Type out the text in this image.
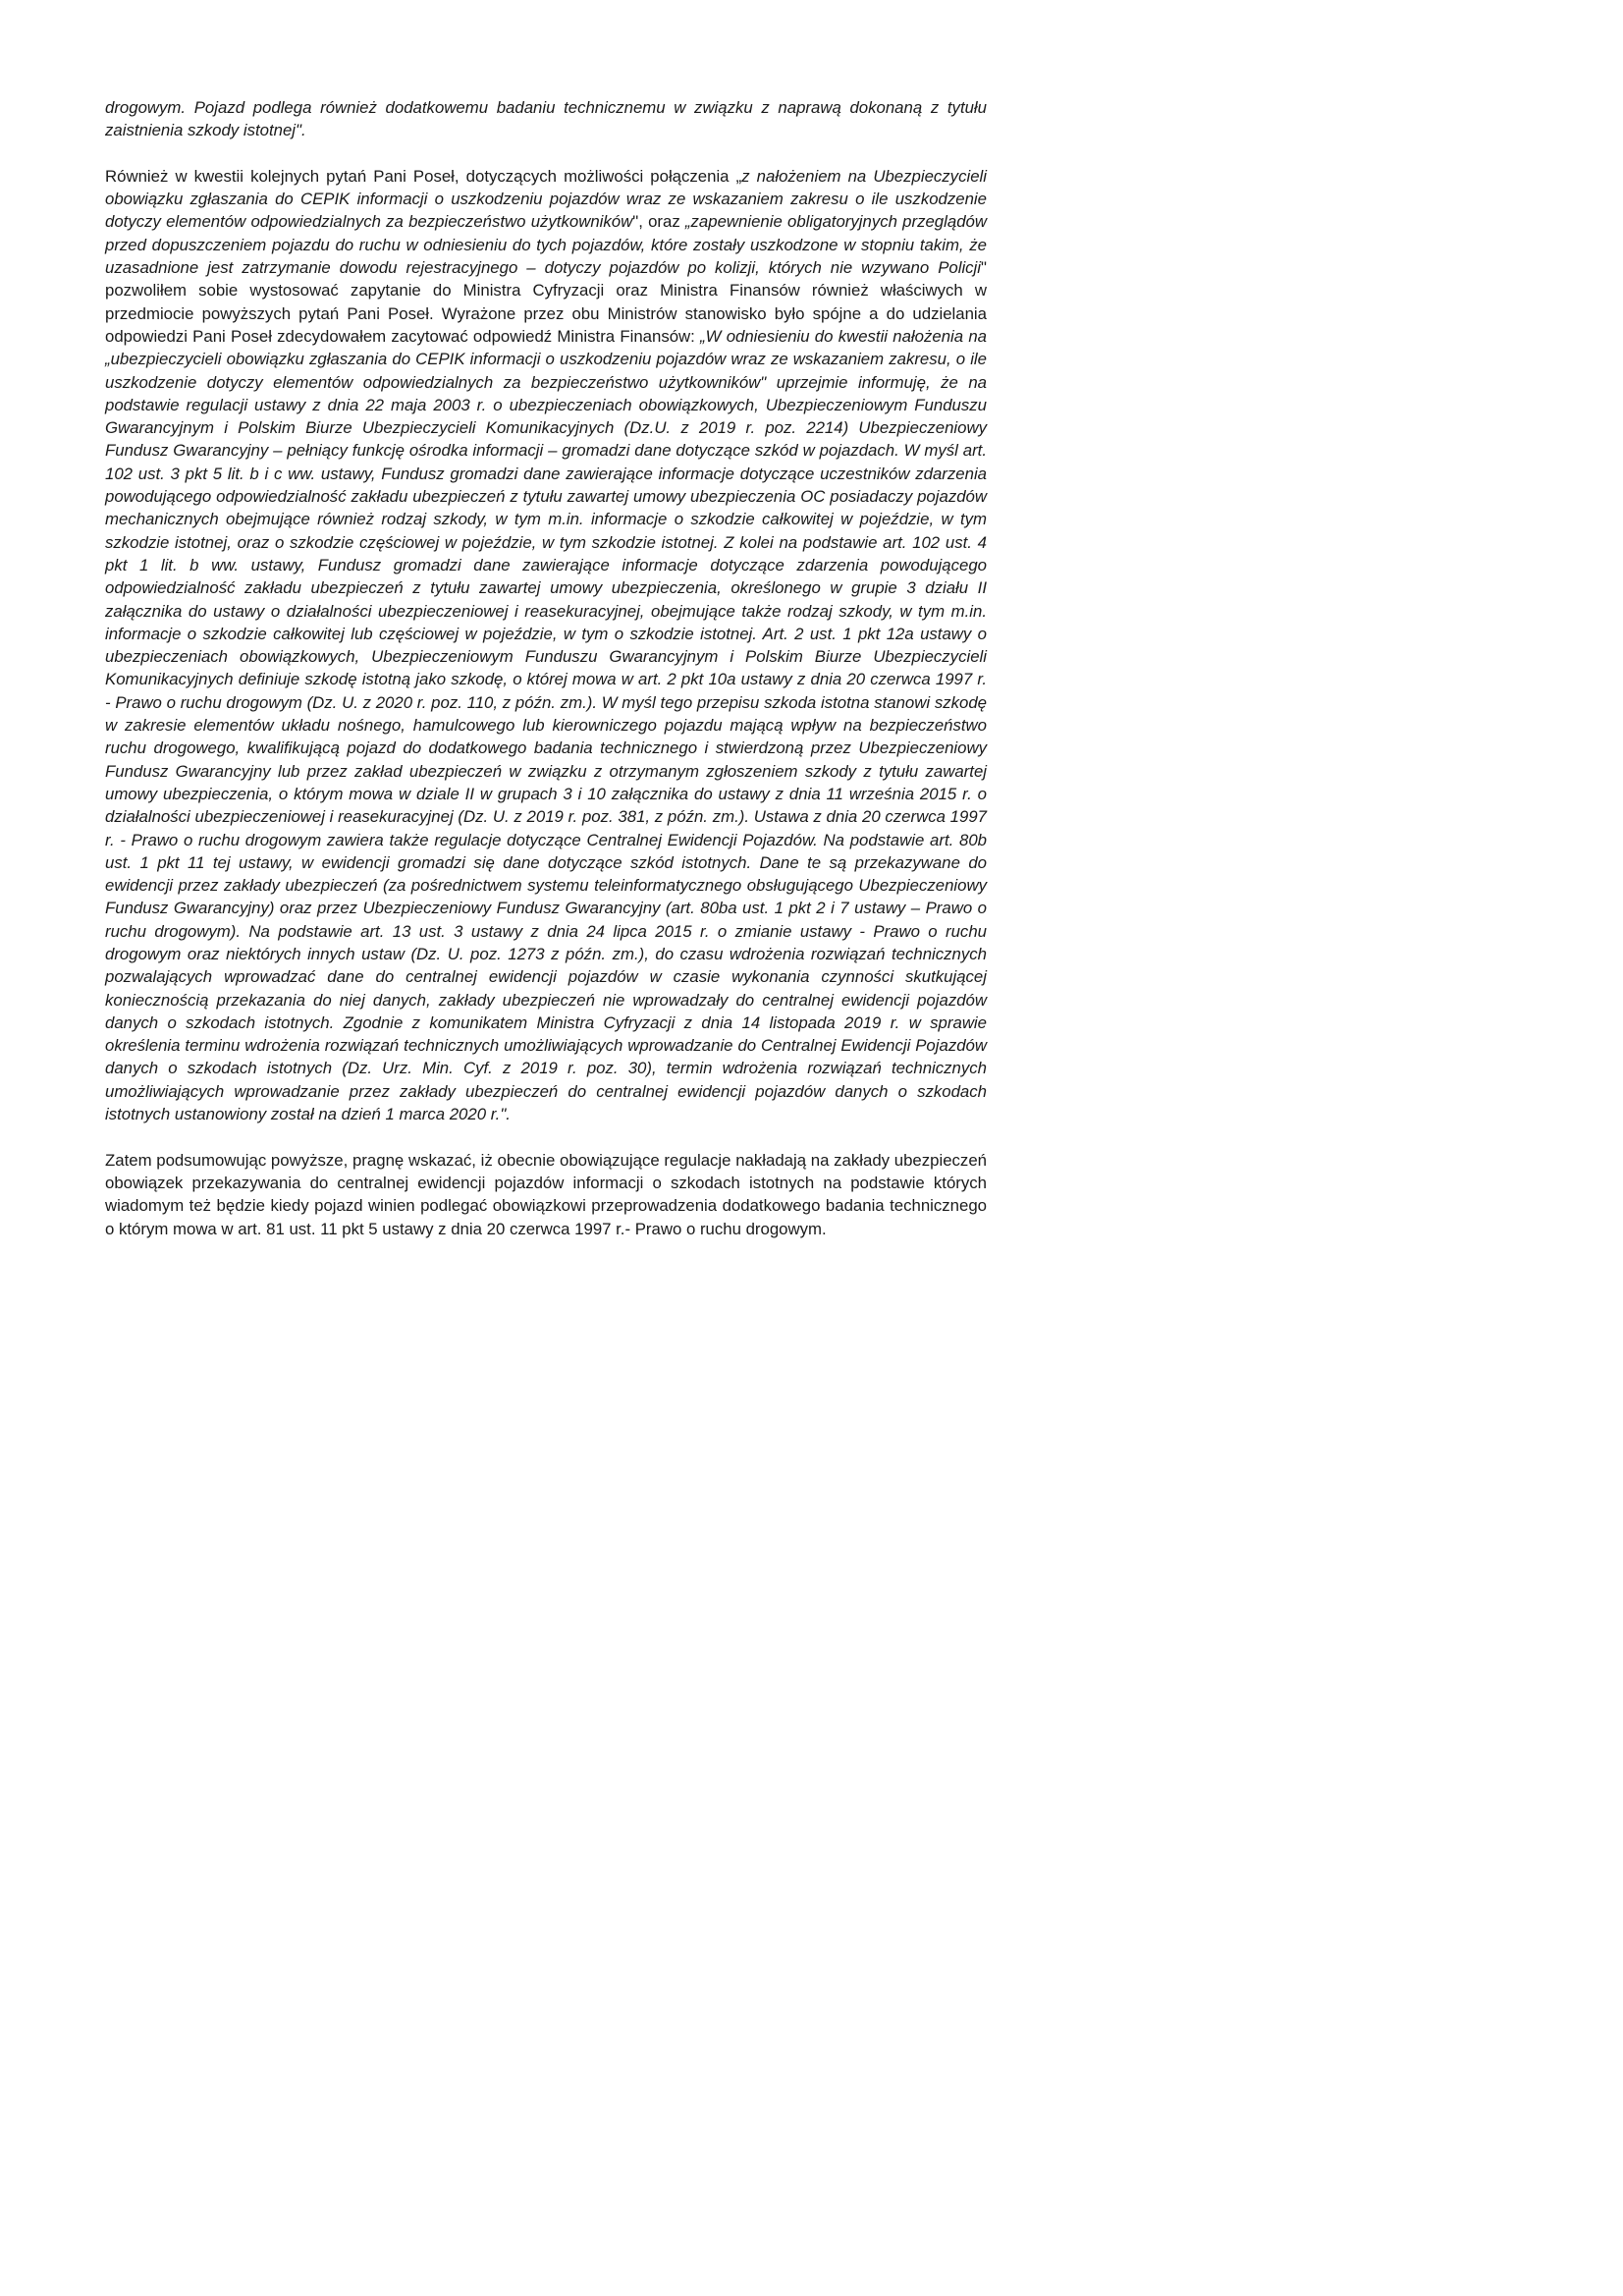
drogowym. Pojazd podlega również dodatkowemu badaniu technicznemu w związku z naprawą dokonaną z tytułu zaistnienia szkody istotnej".

Również w kwestii kolejnych pytań Pani Poseł, dotyczących możliwości połączenia „z nałożeniem na Ubezpieczycieli obowiązku zgłaszania do CEPIK informacji o uszkodzeniu pojazdów wraz ze wskazaniem zakresu o ile uszkodzenie dotyczy elementów odpowiedzialnych za bezpieczeństwo użytkowników", oraz „zapewnienie obligatoryjnych przeglądów przed dopuszczeniem pojazdu do ruchu w odniesieniu do tych pojazdów, które zostały uszkodzone w stopniu takim, że uzasadnione jest zatrzymanie dowodu rejestracyjnego – dotyczy pojazdów po kolizji, których nie wzywano Policji" pozwoliłem sobie wystosować zapytanie do Ministra Cyfryzacji oraz Ministra Finansów również właściwych w przedmiocie powyższych pytań Pani Poseł. Wyrażone przez obu Ministrów stanowisko było spójne a do udzielania odpowiedzi Pani Poseł zdecydowałem zacytować odpowiedź Ministra Finansów: „W odniesieniu do kwestii nałożenia na „ubezpieczycieli obowiązku zgłaszania do CEPIK informacji o uszkodzeniu pojazdów wraz ze wskazaniem zakresu, o ile uszkodzenie dotyczy elementów odpowiedzialnych za bezpieczeństwo użytkowników" uprzejmie informuję, że na podstawie regulacji ustawy z dnia 22 maja 2003 r. o ubezpieczeniach obowiązkowych, Ubezpieczeniowym Funduszu Gwarancyjnym i Polskim Biurze Ubezpieczycieli Komunikacyjnych (Dz.U. z 2019 r. poz. 2214) Ubezpieczeniowy Fundusz Gwarancyjny – pełniący funkcję ośrodka informacji – gromadzi dane dotyczące szkód w pojazdach. W myśl art. 102 ust. 3 pkt 5 lit. b i c ww. ustawy, Fundusz gromadzi dane zawierające informacje dotyczące uczestników zdarzenia powodującego odpowiedzialność zakładu ubezpieczeń z tytułu zawartej umowy ubezpieczenia OC posiadaczy pojazdów mechanicznych obejmujące również rodzaj szkody, w tym m.in. informacje o szkodzie całkowitej w pojeździe, w tym szkodzie istotnej, oraz o szkodzie częściowej w pojeździe, w tym szkodzie istotnej. Z kolei na podstawie art. 102 ust. 4 pkt 1 lit. b ww. ustawy, Fundusz gromadzi dane zawierające informacje dotyczące zdarzenia powodującego odpowiedzialność zakładu ubezpieczeń z tytułu zawartej umowy ubezpieczenia, określonego w grupie 3 działu II załącznika do ustawy o działalności ubezpieczeniowej i reasekuracyjnej, obejmujące także rodzaj szkody, w tym m.in. informacje o szkodzie całkowitej lub częściowej w pojeździe, w tym o szkodzie istotnej. Art. 2 ust. 1 pkt 12a ustawy o ubezpieczeniach obowiązkowych, Ubezpieczeniowym Funduszu Gwarancyjnym i Polskim Biurze Ubezpieczycieli Komunikacyjnych definiuje szkodę istotną jako szkodę, o której mowa w art. 2 pkt 10a ustawy z dnia 20 czerwca 1997 r. - Prawo o ruchu drogowym (Dz. U. z 2020 r. poz. 110, z późn. zm.). W myśl tego przepisu szkoda istotna stanowi szkodę w zakresie elementów układu nośnego, hamulcowego lub kierowniczego pojazdu mającą wpływ na bezpieczeństwo ruchu drogowego, kwalifikującą pojazd do dodatkowego badania technicznego i stwierdzoną przez Ubezpieczeniowy Fundusz Gwarancyjny lub przez zakład ubezpieczeń w związku z otrzymanym zgłoszeniem szkody z tytułu zawartej umowy ubezpieczenia, o którym mowa w dziale II w grupach 3 i 10 załącznika do ustawy z dnia 11 września 2015 r. o działalności ubezpieczeniowej i reasekuracyjnej (Dz. U. z 2019 r. poz. 381, z późn. zm.). Ustawa z dnia 20 czerwca 1997 r. - Prawo o ruchu drogowym zawiera także regulacje dotyczące Centralnej Ewidencji Pojazdów. Na podstawie art. 80b ust. 1 pkt 11 tej ustawy, w ewidencji gromadzi się dane dotyczące szkód istotnych. Dane te są przekazywane do ewidencji przez zakłady ubezpieczeń (za pośrednictwem systemu teleinformatycznego obsługującego Ubezpieczeniowy Fundusz Gwarancyjny) oraz przez Ubezpieczeniowy Fundusz Gwarancyjny (art. 80ba ust. 1 pkt 2 i 7 ustawy – Prawo o ruchu drogowym). Na podstawie art. 13 ust. 3 ustawy z dnia 24 lipca 2015 r. o zmianie ustawy - Prawo o ruchu drogowym oraz niektórych innych ustaw (Dz. U. poz. 1273 z późn. zm.), do czasu wdrożenia rozwiązań technicznych pozwalających wprowadzać dane do centralnej ewidencji pojazdów w czasie wykonania czynności skutkującej koniecznością przekazania do niej danych, zakłady ubezpieczeń nie wprowadzały do centralnej ewidencji pojazdów danych o szkodach istotnych. Zgodnie z komunikatem Ministra Cyfryzacji z dnia 14 listopada 2019 r. w sprawie określenia terminu wdrożenia rozwiązań technicznych umożliwiających wprowadzanie do Centralnej Ewidencji Pojazdów danych o szkodach istotnych (Dz. Urz. Min. Cyf. z 2019 r. poz. 30), termin wdrożenia rozwiązań technicznych umożliwiających wprowadzanie przez zakłady ubezpieczeń do centralnej ewidencji pojazdów danych o szkodach istotnych ustanowiony został na dzień 1 marca 2020 r.".

Zatem podsumowując powyższe, pragnę wskazać, iż obecnie obowiązujące regulacje nakładają na zakłady ubezpieczeń obowiązek przekazywania do centralnej ewidencji pojazdów informacji o szkodach istotnych na podstawie których wiadomym też będzie kiedy pojazd winien podlegać obowiązkowi przeprowadzenia dodatkowego badania technicznego o którym mowa w art. 81 ust. 11 pkt 5 ustawy z dnia 20 czerwca 1997 r.- Prawo o ruchu drogowym.
